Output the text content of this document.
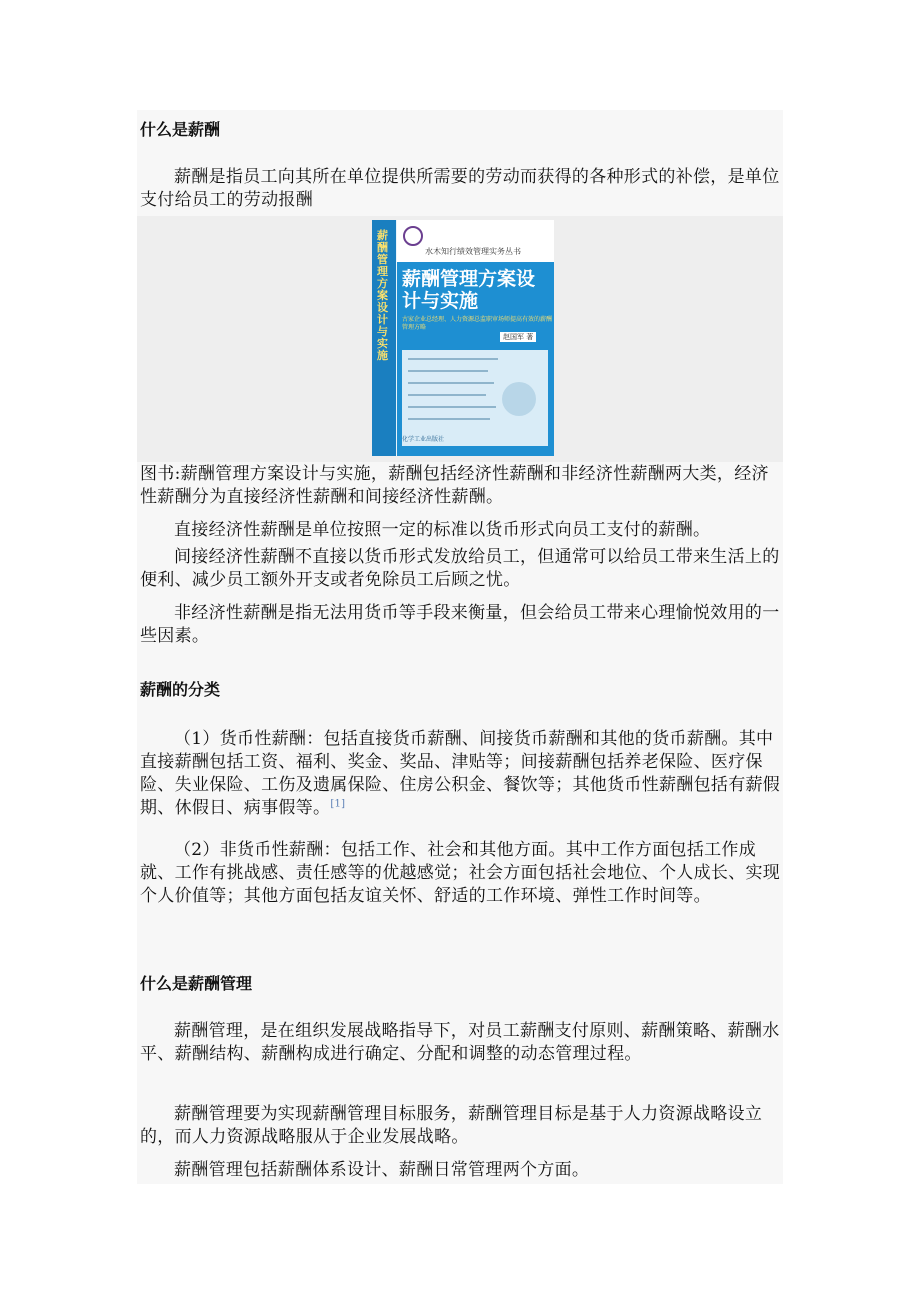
什么是薪酬
薪酬是指员工向其所在单位提供所需要的劳动而获得的各种形式的补偿，是单位支付给员工的劳动报酬
薪酬管理方案设计与实施
水木知行绩效管理实务丛书
薪酬管理方案设计与实施
古家企业总经理、人力资源总监职审场师提高有效的薪酬管理方略
赵国军 著
化学工业出版社
图书:薪酬管理方案设计与实施，薪酬包括经济性薪酬和非经济性薪酬两大类，经济性薪酬分为直接经济性薪酬和间接经济性薪酬。
直接经济性薪酬是单位按照一定的标准以货币形式向员工支付的薪酬。
间接经济性薪酬不直接以货币形式发放给员工，但通常可以给员工带来生活上的便利、减少员工额外开支或者免除员工后顾之忧。
非经济性薪酬是指无法用货币等手段来衡量，但会给员工带来心理愉悦效用的一些因素。
薪酬的分类
（1）货币性薪酬：包括直接货币薪酬、间接货币薪酬和其他的货币薪酬。其中直接薪酬包括工资、福利、奖金、奖品、津贴等；间接薪酬包括养老保险、医疗保险、失业保险、工伤及遗属保险、住房公积金、餐饮等；其他货币性薪酬包括有薪假期、休假日、病事假等。[1]
（2）非货币性薪酬：包括工作、社会和其他方面。其中工作方面包括工作成就、工作有挑战感、责任感等的优越感觉；社会方面包括社会地位、个人成长、实现个人价值等；其他方面包括友谊关怀、舒适的工作环境、弹性工作时间等。
什么是薪酬管理
薪酬管理，是在组织发展战略指导下，对员工薪酬支付原则、薪酬策略、薪酬水平、薪酬结构、薪酬构成进行确定、分配和调整的动态管理过程。
薪酬管理要为实现薪酬管理目标服务，薪酬管理目标是基于人力资源战略设立的，而人力资源战略服从于企业发展战略。
薪酬管理包括薪酬体系设计、薪酬日常管理两个方面。
